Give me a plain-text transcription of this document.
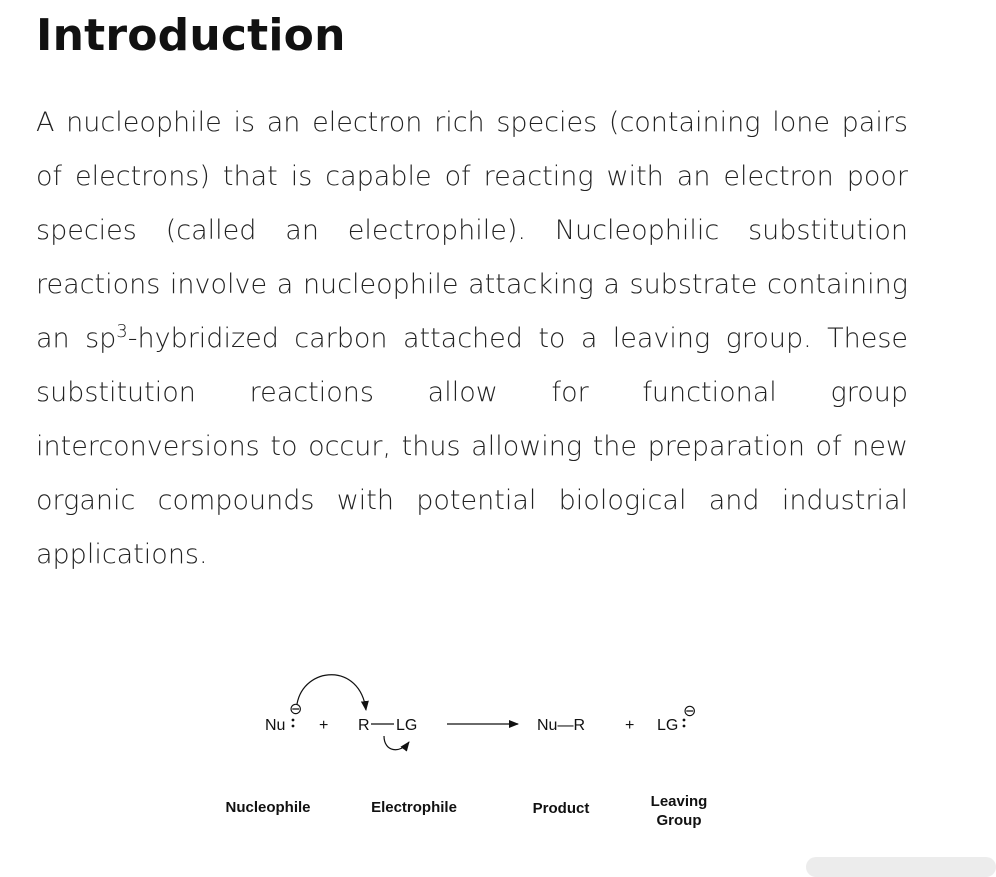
Introduction

A nucleophile is an electron rich species (containing lone pairs of electrons) that is capable of reacting with an electron poor species (called an electrophile). Nucleophilic substitution reactions involve a nucleophile attacking a substrate containing an $sp^3$-hybridized carbon attached to a leaving group. These substitution reactions allow for functional group interconversions to occur, thus allowing the preparation of new organic compounds with potential biological and industrial applications.

Nu
⊖
+ R LG	Nu—R + LG
⊖
Nucleophile	Electrophile	Product	Leaving
Group
